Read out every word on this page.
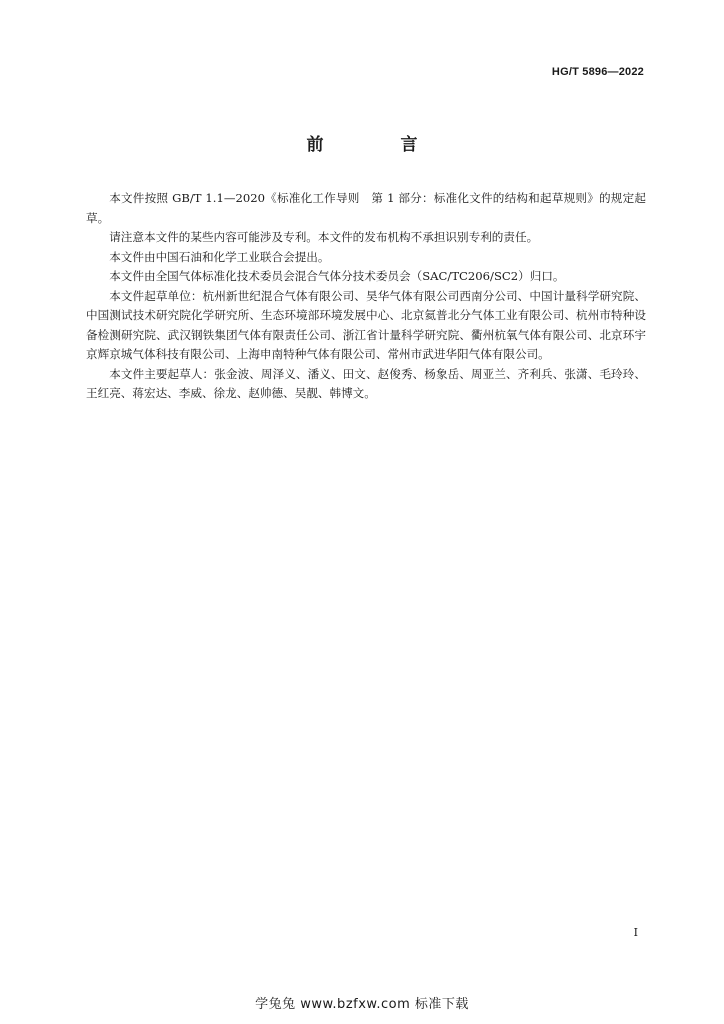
HG/T 5896—2022
前　言

本文件按照 GB/T 1.1—2020《标准化工作导则　第 1 部分：标准化文件的结构和起草规则》的规定起草。

请注意本文件的某些内容可能涉及专利。本文件的发布机构不承担识别专利的责任。

本文件由中国石油和化学工业联合会提出。

本文件由全国气体标准化技术委员会混合气体分技术委员会（SAC/TC206/SC2）归口。

本文件起草单位：杭州新世纪混合气体有限公司、昊华气体有限公司西南分公司、中国计量科学研究院、中国测试技术研究院化学研究所、生态环境部环境发展中心、北京氦普北分气体工业有限公司、杭州市特种设备检测研究院、武汉钢铁集团气体有限责任公司、浙江省计量科学研究院、衢州杭氧气体有限公司、北京环宇京辉京城气体科技有限公司、上海申南特种气体有限公司、常州市武进华阳气体有限公司。

本文件主要起草人：张金波、周泽义、潘义、田文、赵俊秀、杨象岳、周亚兰、齐利兵、张潇、毛玲玲、王红亮、蒋宏达、李威、徐龙、赵帅德、吴靓、韩博文。

I
学兔兔 www.bzfxw.com 标准下载
